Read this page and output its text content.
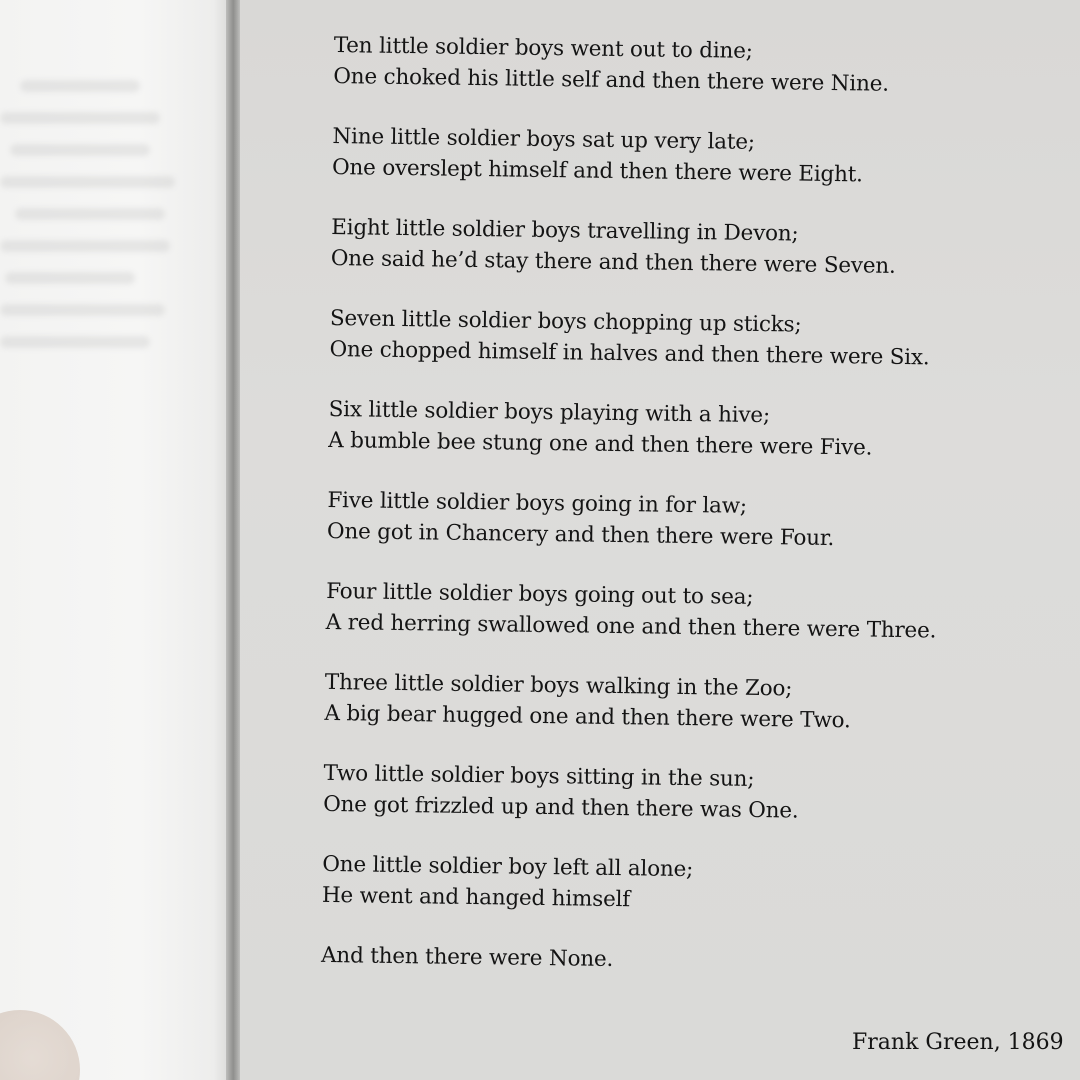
Ten little soldier boys went out to dine;
One choked his little self and then there were Nine.
Nine little soldier boys sat up very late;
One overslept himself and then there were Eight.
Eight little soldier boys travelling in Devon;
One said he’d stay there and then there were Seven.
Seven little soldier boys chopping up sticks;
One chopped himself in halves and then there were Six.
Six little soldier boys playing with a hive;
A bumble bee stung one and then there were Five.
Five little soldier boys going in for law;
One got in Chancery and then there were Four.
Four little soldier boys going out to sea;
A red herring swallowed one and then there were Three.
Three little soldier boys walking in the Zoo;
A big bear hugged one and then there were Two.
Two little soldier boys sitting in the sun;
One got frizzled up and then there was One.
One little soldier boy left all alone;
He went and hanged himself
And then there were None.
Frank Green, 1869
